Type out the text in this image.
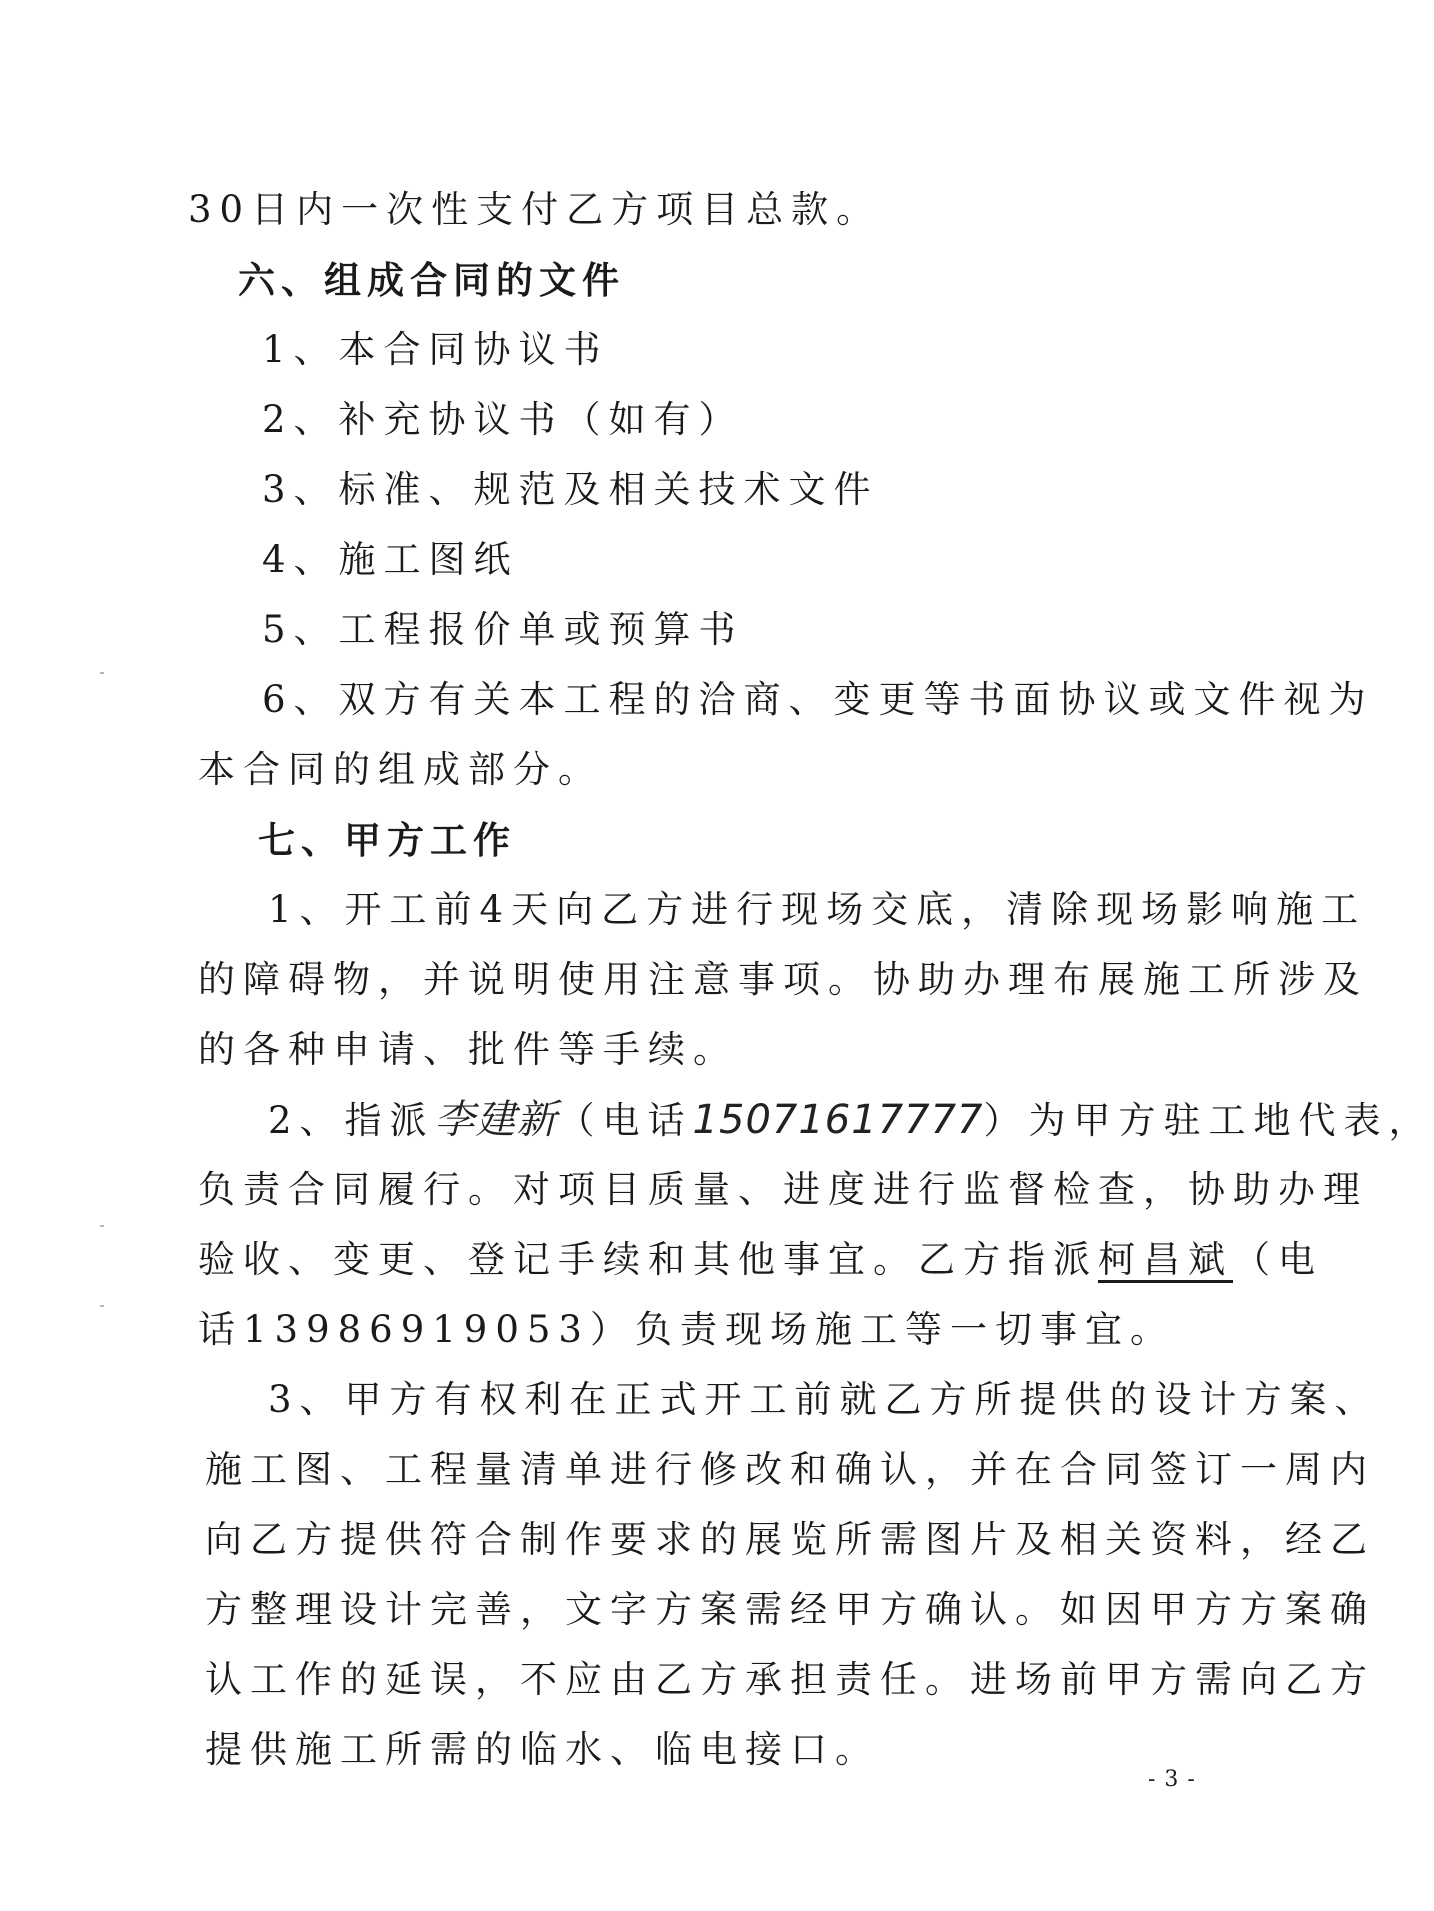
30日内一次性支付乙方项目总款。
六、组成合同的文件
1、本合同协议书
2、补充协议书（如有）
3、标准、规范及相关技术文件
4、施工图纸
5、工程报价单或预算书
6、双方有关本工程的洽商、变更等书面协议或文件视为
本合同的组成部分。
七、甲方工作
1、开工前4天向乙方进行现场交底，清除现场影响施工
的障碍物，并说明使用注意事项。协助办理布展施工所涉及
的各种申请、批件等手续。
2、指派李建新（电话15071617777）为甲方驻工地代表，
负责合同履行。对项目质量、进度进行监督检查，协助办理
验收、变更、登记手续和其他事宜。乙方指派柯昌斌（电
话13986919053）负责现场施工等一切事宜。
3、甲方有权利在正式开工前就乙方所提供的设计方案、
施工图、工程量清单进行修改和确认，并在合同签订一周内
向乙方提供符合制作要求的展览所需图片及相关资料，经乙
方整理设计完善，文字方案需经甲方确认。如因甲方方案确
认工作的延误，不应由乙方承担责任。进场前甲方需向乙方
提供施工所需的临水、临电接口。
- 3 -
